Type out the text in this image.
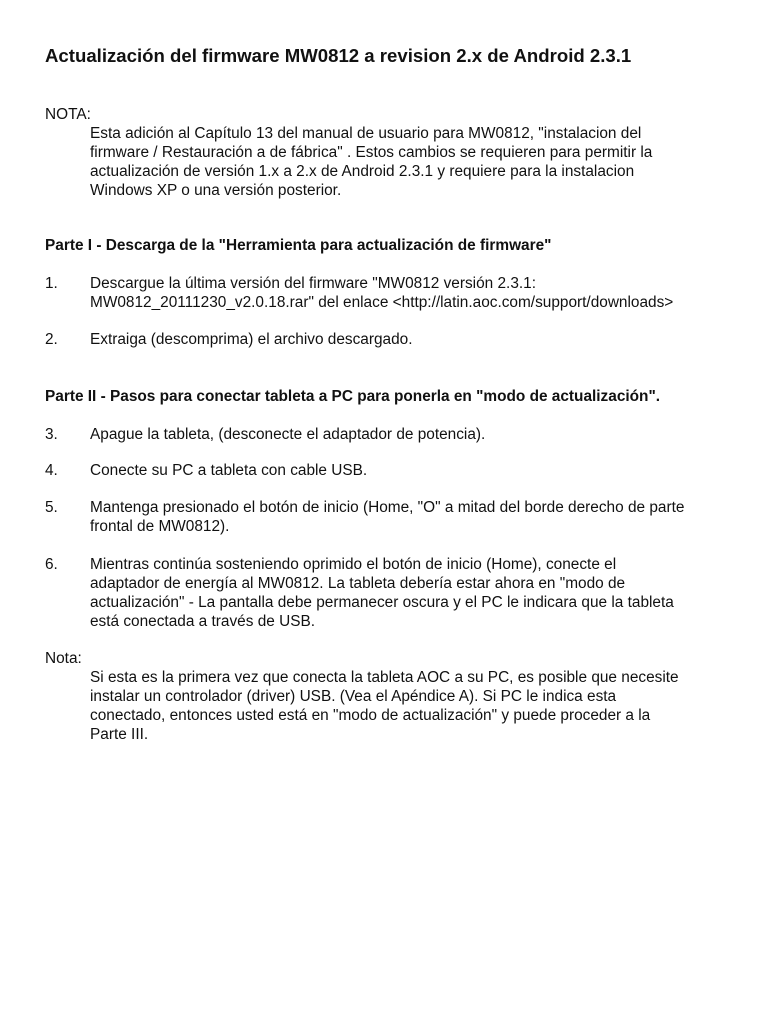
Actualización del firmware MW0812 a revision 2.x de Android 2.3.1
NOTA:
Esta adición al Capítulo 13 del manual de usuario para MW0812, "instalacion del
firmware / Restauración a de fábrica" . Estos cambios se requieren para permitir la
actualización de versión 1.x a 2.x de Android 2.3.1 y requiere para la instalacion
Windows XP o una versión posterior.
Parte I - Descarga de la "Herramienta para actualización de firmware"
1. Descargue la última versión del firmware "MW0812 versión 2.3.1:
MW0812_20111230_v2.0.18.rar" del enlace <http://latin.aoc.com/support/downloads>
2. Extraiga (descomprima) el archivo descargado.
Parte II - Pasos para conectar tableta a PC para ponerla en "modo de actualización".
3. Apague la tableta, (desconecte el adaptador de potencia).
4. Conecte su PC a tableta con cable USB.
5. Mantenga presionado el botón de inicio (Home, "O" a mitad del borde derecho de parte
frontal de MW0812).
6. Mientras continúa sosteniendo oprimido el botón de inicio (Home), conecte el
adaptador de energía al MW0812. La tableta debería estar ahora en "modo de
actualización" - La pantalla debe permanecer oscura y el PC le indicara que la tableta
está conectada a través de USB.
Nota:
Si esta es la primera vez que conecta la tableta AOC a su PC, es posible que necesite
instalar un controlador (driver) USB. (Vea el Apéndice A). Si PC le indica esta
conectado, entonces usted está en "modo de actualización" y puede proceder a la
Parte III.
